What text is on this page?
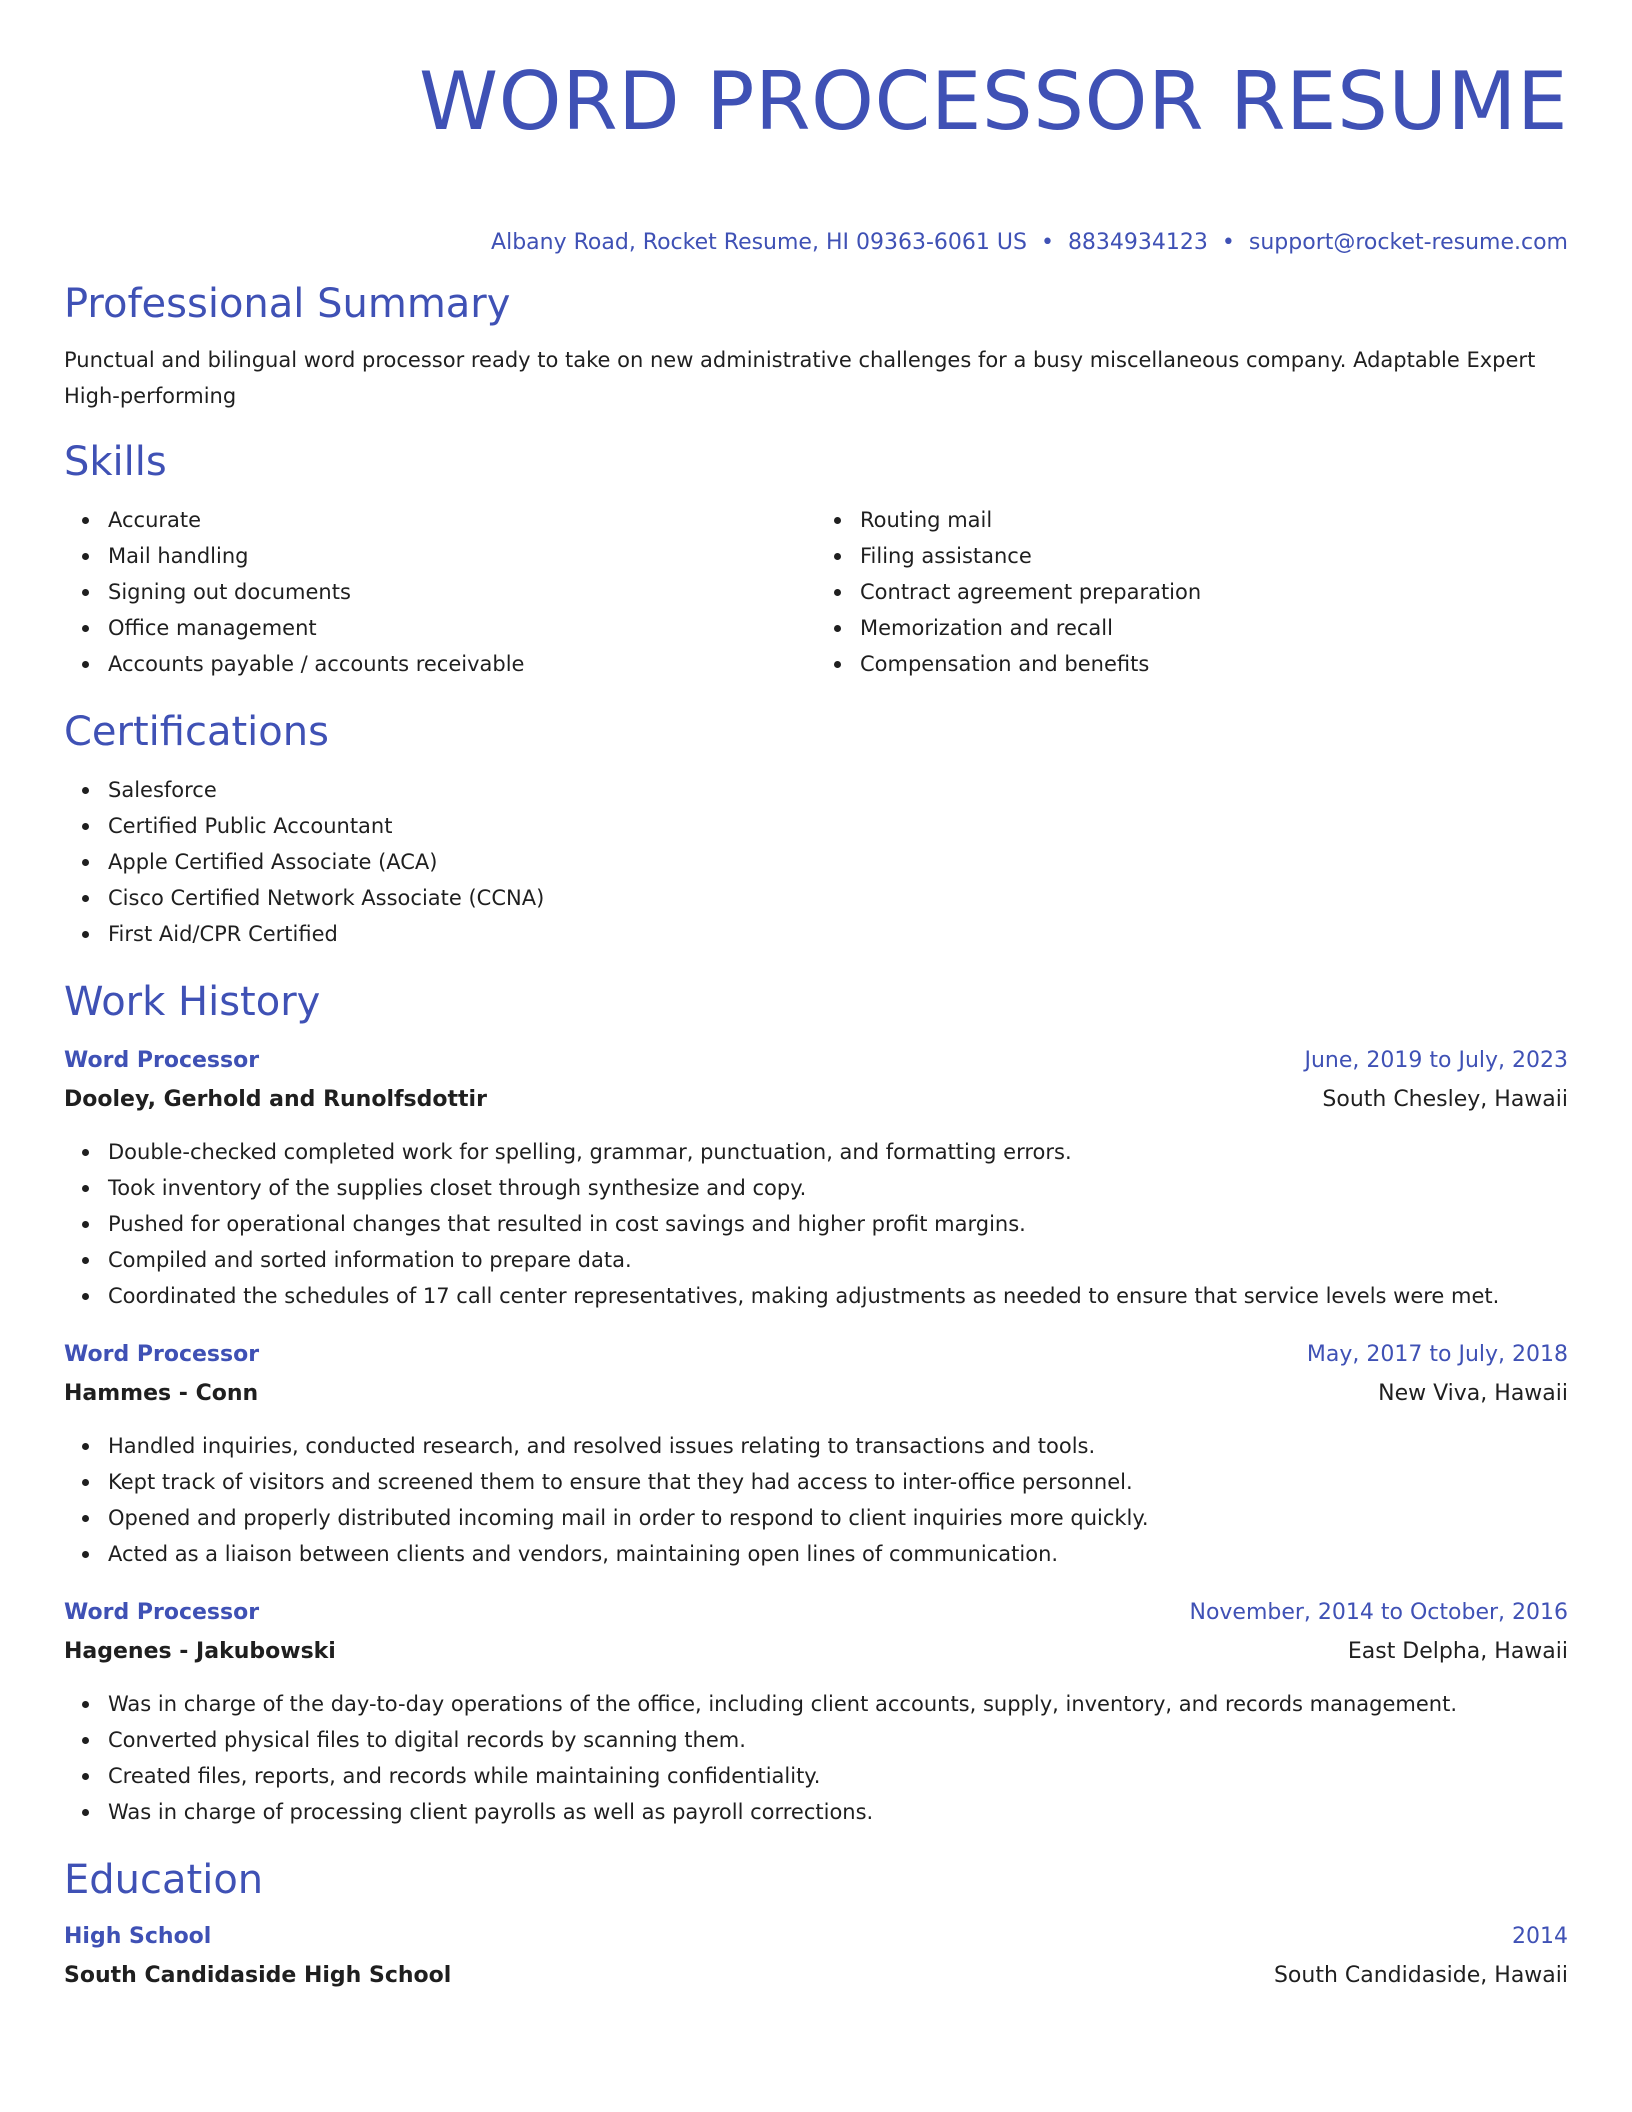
WORD PROCESSOR RESUME
Albany Road, Rocket Resume, HI 09363-6061 US • 8834934123 • support@rocket-resume.com
Professional Summary

Punctual and bilingual word processor ready to take on new administrative challenges for a busy miscellaneous company. Adaptable Expert High-performing

Skills
Accurate
Mail handling
Signing out documents
Office management
Accounts payable / accounts receivable
Routing mail
Filing assistance
Contract agreement preparation
Memorization and recall
Compensation and benefits
Certifications
Salesforce
Certified Public Accountant
Apple Certified Associate (ACA)
Cisco Certified Network Associate (CCNA)
First Aid/CPR Certified
Work History
Word Processor	June, 2019 to July, 2023
Dooley, Gerhold and Runolfsdottir	South Chesley, Hawaii
Double-checked completed work for spelling, grammar, punctuation, and formatting errors.
Took inventory of the supplies closet through synthesize and copy.
Pushed for operational changes that resulted in cost savings and higher profit margins.
Compiled and sorted information to prepare data.
Coordinated the schedules of 17 call center representatives, making adjustments as needed to ensure that service levels were met.
Word Processor	May, 2017 to July, 2018
Hammes - Conn	New Viva, Hawaii
Handled inquiries, conducted research, and resolved issues relating to transactions and tools.
Kept track of visitors and screened them to ensure that they had access to inter-office personnel.
Opened and properly distributed incoming mail in order to respond to client inquiries more quickly.
Acted as a liaison between clients and vendors, maintaining open lines of communication.
Word Processor	November, 2014 to October, 2016
Hagenes - Jakubowski	East Delpha, Hawaii
Was in charge of the day-to-day operations of the office, including client accounts, supply, inventory, and records management.
Converted physical files to digital records by scanning them.
Created files, reports, and records while maintaining confidentiality.
Was in charge of processing client payrolls as well as payroll corrections.
Education
High School	2014
South Candidaside High School	South Candidaside, Hawaii
